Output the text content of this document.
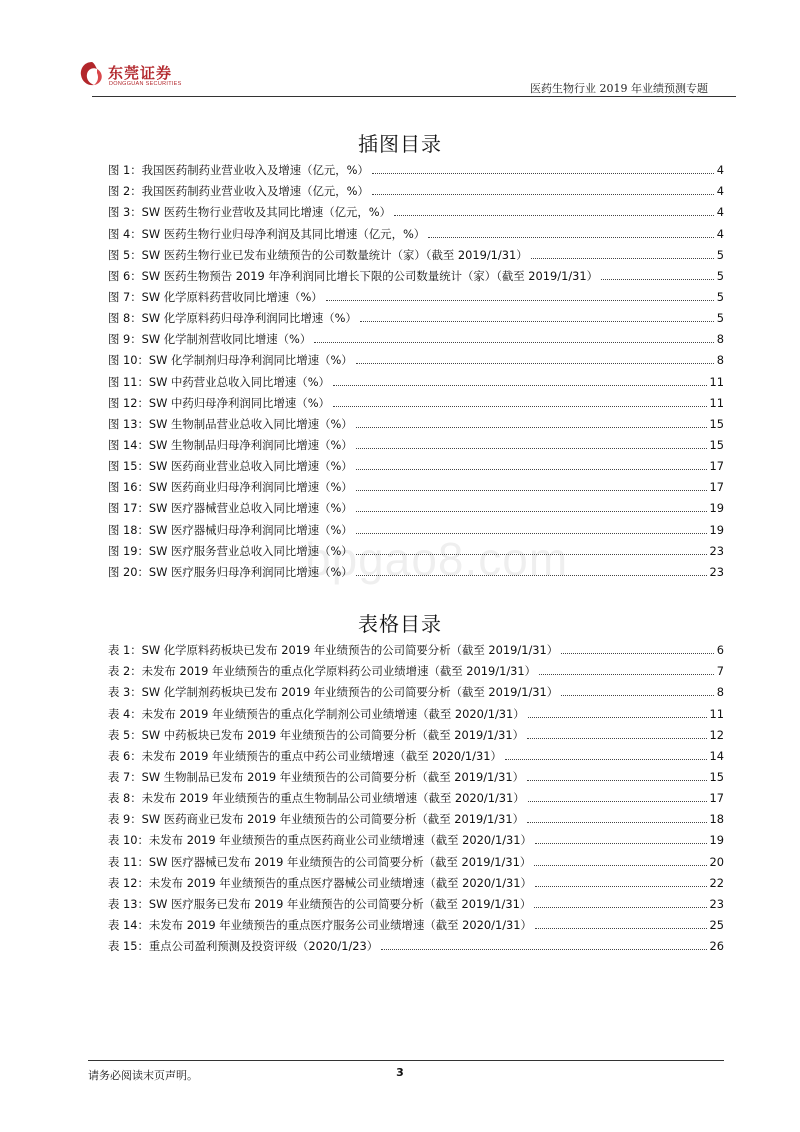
东莞证券
DONGGUAN SECURITIES	医药生物行业 2019 年业绩预测专题
插图目录
图 1：我国医药制药业营业收入及增速（亿元，%）	4
图 2：我国医药制药业营业收入及增速（亿元，%）	4
图 3：SW 医药生物行业营收及其同比增速（亿元，%）	4
图 4：SW 医药生物行业归母净利润及其同比增速（亿元，%）	4
图 5：SW 医药生物行业已发布业绩预告的公司数量统计（家）（截至 2019/1/31）	5
图 6：SW 医药生物预告 2019 年净利润同比增长下限的公司数量统计（家）（截至 2019/1/31）	5
图 7：SW 化学原料药营收同比增速（%）	5
图 8：SW 化学原料药归母净利润同比增速（%）	5
图 9：SW 化学制剂营收同比增速（%）	8
图 10：SW 化学制剂归母净利润同比增速（%）	8
图 11：SW 中药营业总收入同比增速（%）	11
图 12：SW 中药归母净利润同比增速（%）	11
图 13：SW 生物制品营业总收入同比增速（%）	15
图 14：SW 生物制品归母净利润同比增速（%）	15
图 15：SW 医药商业营业总收入同比增速（%）	17
图 16：SW 医药商业归母净利润同比增速（%）	17
图 17：SW 医疗器械营业总收入同比增速（%）	19
图 18：SW 医疗器械归母净利润同比增速（%）	19
图 19：SW 医疗服务营业总收入同比增速（%）	23
图 20：SW 医疗服务归母净利润同比增速（%）	23
表格目录
表 1：SW 化学原料药板块已发布 2019 年业绩预告的公司简要分析（截至 2019/1/31）	6
表 2：未发布 2019 年业绩预告的重点化学原料药公司业绩增速（截至 2019/1/31）	7
表 3：SW 化学制剂药板块已发布 2019 年业绩预告的公司简要分析（截至 2019/1/31）	8
表 4：未发布 2019 年业绩预告的重点化学制剂公司业绩增速（截至 2020/1/31）	11
表 5：SW 中药板块已发布 2019 年业绩预告的公司简要分析（截至 2019/1/31）	12
表 6：未发布 2019 年业绩预告的重点中药公司业绩增速（截至 2020/1/31）	14
表 7：SW 生物制品已发布 2019 年业绩预告的公司简要分析（截至 2019/1/31）	15
表 8：未发布 2019 年业绩预告的重点生物制品公司业绩增速（截至 2020/1/31）	17
表 9：SW 医药商业已发布 2019 年业绩预告的公司简要分析（截至 2019/1/31）	18
表 10：未发布 2019 年业绩预告的重点医药商业公司业绩增速（截至 2020/1/31）	19
表 11：SW 医疗器械已发布 2019 年业绩预告的公司简要分析（截至 2019/1/31）	20
表 12：未发布 2019 年业绩预告的重点医疗器械公司业绩增速（截至 2020/1/31）	22
表 13：SW 医疗服务已发布 2019 年业绩预告的公司简要分析（截至 2019/1/31）	23
表 14：未发布 2019 年业绩预告的重点医疗服务公司业绩增速（截至 2020/1/31）	25
表 15：重点公司盈利预测及投资评级（2020/1/23）	26
bpgao8.com
请务必阅读末页声明。	3
